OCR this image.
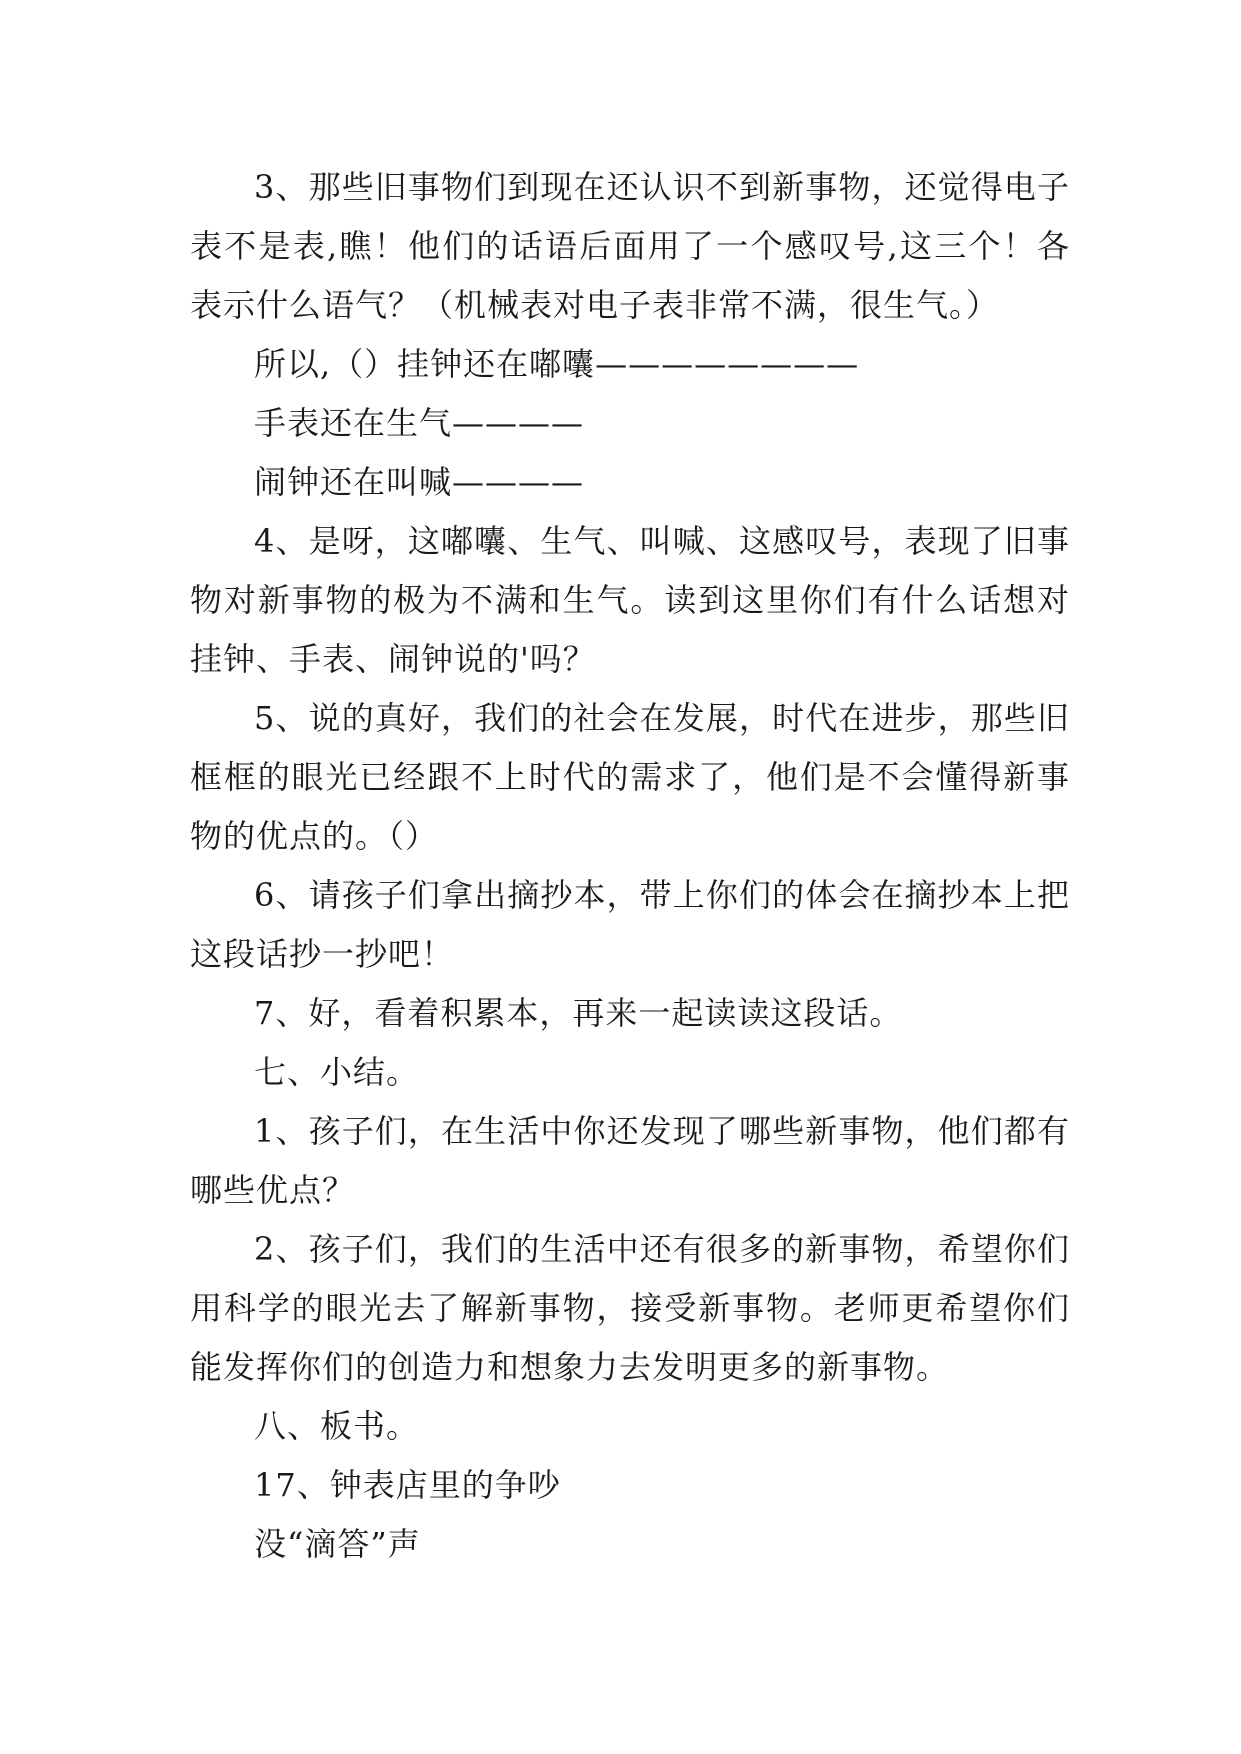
3、那些旧事物们到现在还认识不到新事物，还觉得电子表不是表,瞧！他们的话语后面用了一个感叹号,这三个！各表示什么语气？（机械表对电子表非常不满，很生气。）

所以,（）挂钟还在嘟囔————————

手表还在生气————

闹钟还在叫喊————

4、是呀，这嘟囔、生气、叫喊、这感叹号，表现了旧事物对新事物的极为不满和生气。读到这里你们有什么话想对挂钟、手表、闹钟说的'吗？

5、说的真好，我们的社会在发展，时代在进步，那些旧框框的眼光已经跟不上时代的需求了，他们是不会懂得新事物的优点的。（）

6、请孩子们拿出摘抄本，带上你们的体会在摘抄本上把这段话抄一抄吧！

7、好，看着积累本，再来一起读读这段话。

七、小结。

1、孩子们，在生活中你还发现了哪些新事物，他们都有哪些优点？

2、孩子们，我们的生活中还有很多的新事物，希望你们用科学的眼光去了解新事物，接受新事物。老师更希望你们能发挥你们的创造力和想象力去发明更多的新事物。

八、板书。

17、钟表店里的争吵

没“滴答”声
